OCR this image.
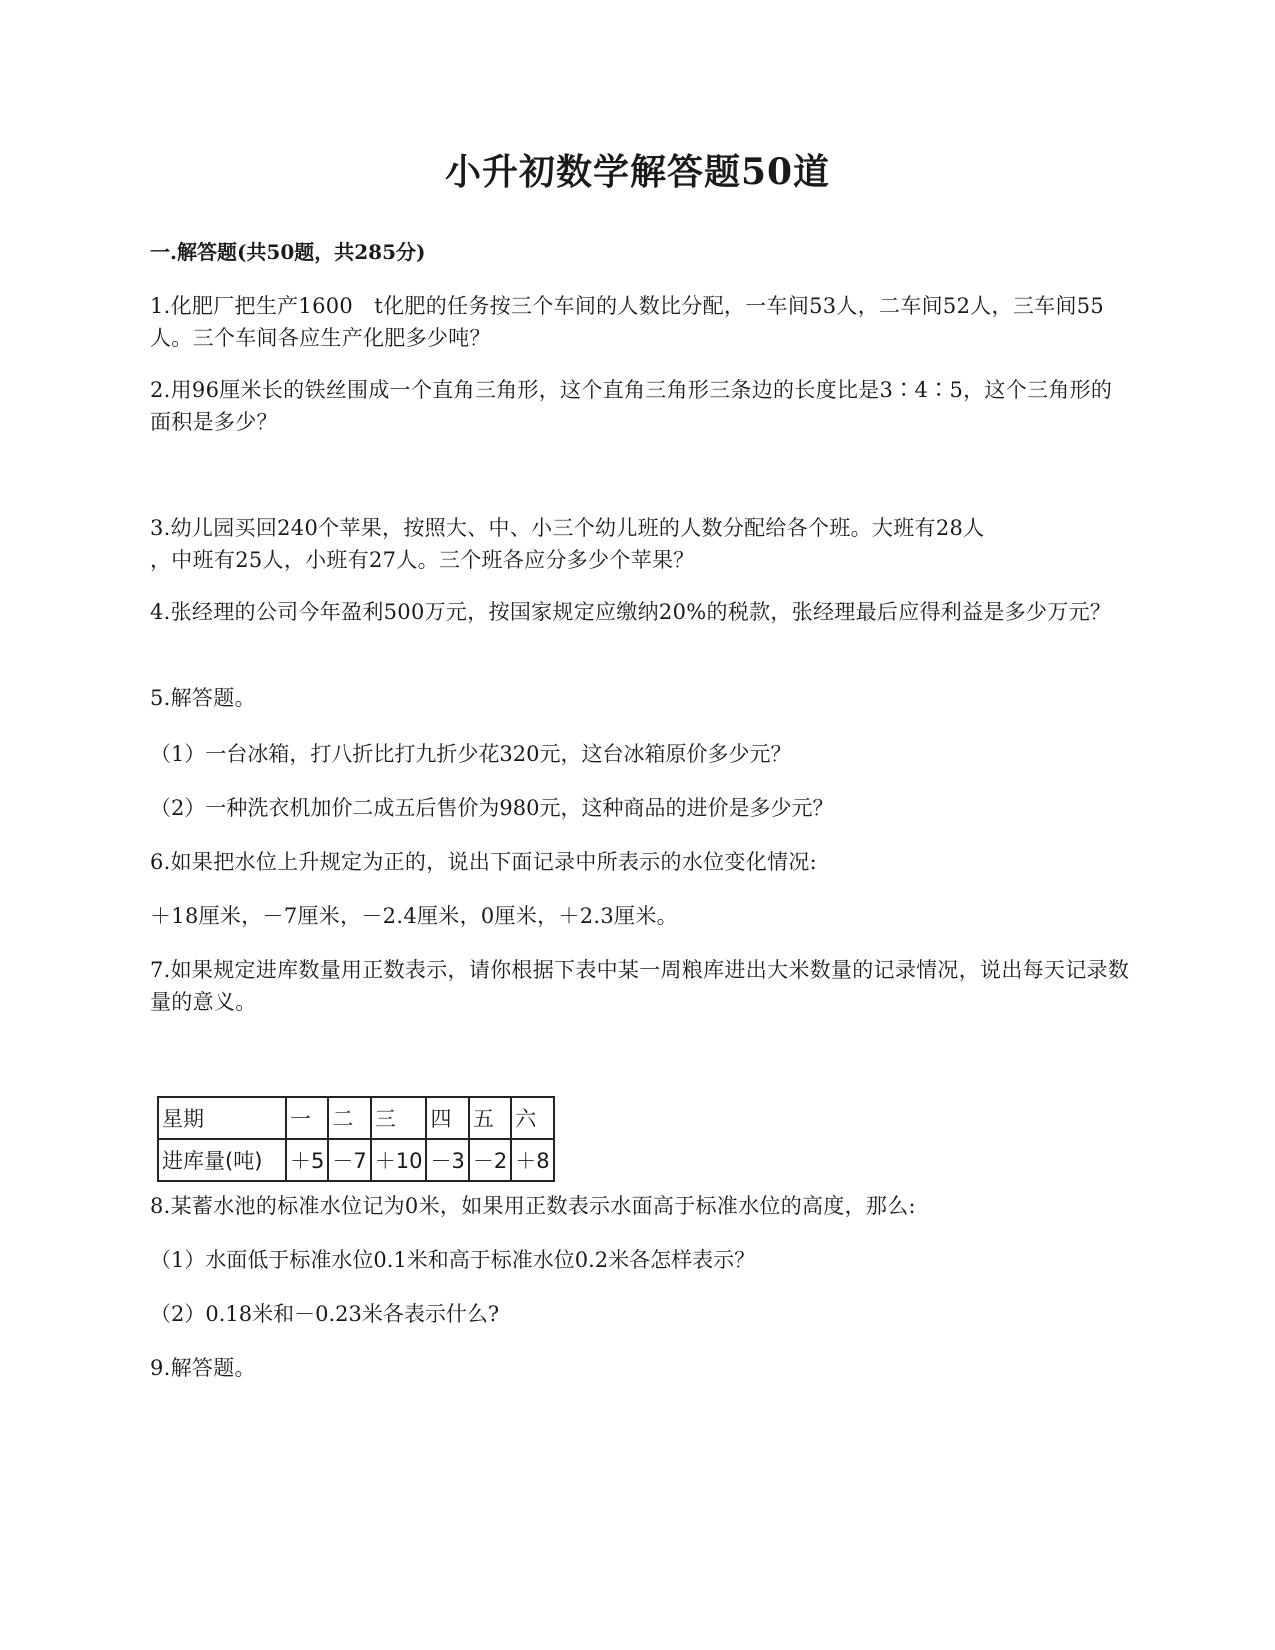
小升初数学解答题50道
一.解答题(共50题，共285分)

1.化肥厂把生产1600　t化肥的任务按三个车间的人数比分配，一车间53人，二车间52人，三车间55人。三个车间各应生产化肥多少吨？

2.用96厘米长的铁丝围成一个直角三角形，这个直角三角形三条边的长度比是3∶4∶5，这个三角形的面积是多少？

3.幼儿园买回240个苹果，按照大、中、小三个幼儿班的人数分配给各个班。大班有28人

，中班有25人，小班有27人。三个班各应分多少个苹果？

4.张经理的公司今年盈利500万元，按国家规定应缴纳20%的税款，张经理最后应得利益是多少万元？

5.解答题。

（1）一台冰箱，打八折比打九折少花320元，这台冰箱原价多少元？

（2）一种洗衣机加价二成五后售价为980元，这种商品的进价是多少元？

6.如果把水位上升规定为正的，说出下面记录中所表示的水位变化情况:

＋18厘米，－7厘米，－2.4厘米，0厘米，＋2.3厘米。

7.如果规定进库数量用正数表示，请你根据下表中某一周粮库进出大米数量的记录情况，说出每天记录数量的意义。

星期	一	二	三	四	五	六
进库量(吨)	＋5	－7	＋10	－3	－2	＋8

8.某蓄水池的标准水位记为0米，如果用正数表示水面高于标准水位的高度，那么:

（1）水面低于标准水位0.1米和高于标准水位0.2米各怎样表示？

（2）0.18米和－0.23米各表示什么?

9.解答题。
